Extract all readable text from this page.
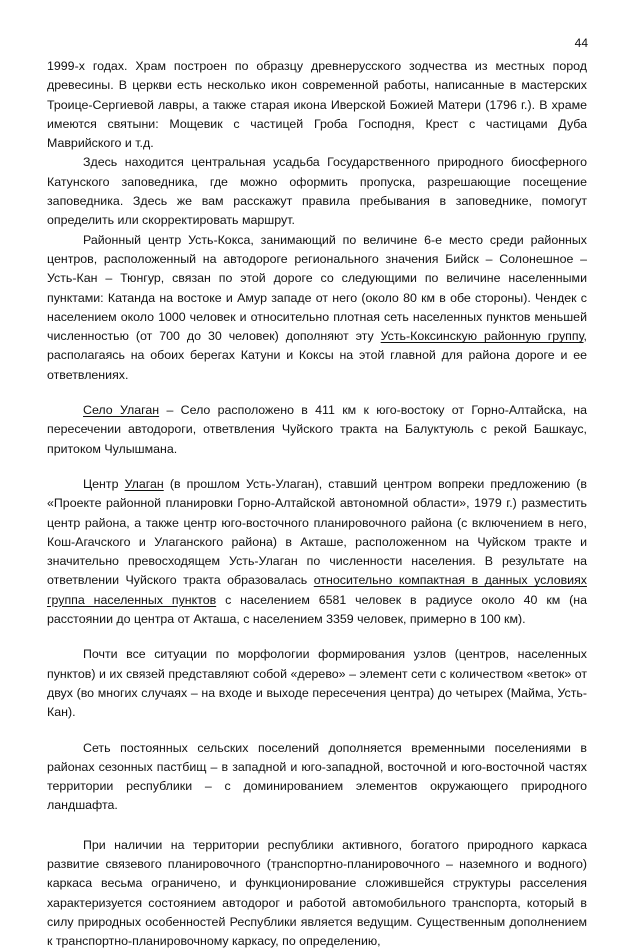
44

1999-х годах. Храм построен по образцу древнерусского зодчества из местных пород древесины. В церкви есть несколько икон современной работы, написанные в мастерских Троице-Сергиевой лавры, а также старая икона Иверской Божией Матери (1796 г.). В храме имеются святыни: Мощевик с частицей Гроба Господня, Крест с частицами Дуба Маврийского и т.д.

Здесь находится центральная усадьба Государственного природного биосферного Катунского заповедника, где можно оформить пропуска, разрешающие посещение заповедника. Здесь же вам расскажут правила пребывания в заповеднике, помогут определить или скорректировать маршрут.

Районный центр Усть-Кокса, занимающий по величине 6-е место среди районных центров, расположенный на автодороге регионального значения Бийск – Солонешное – Усть-Кан – Тюнгур, связан по этой дороге со следующими по величине населенными пунктами: Катанда на востоке и Амур западе от него (около 80 км в обе стороны). Чендек с населением около 1000 человек и относительно плотная сеть населенных пунктов меньшей численностью (от 700 до 30 человек) дополняют эту Усть-Коксинскую районную группу, располагаясь на обоих берегах Катуни и Коксы на этой главной для района дороге и ее ответвлениях.

Село Улаган – Село расположено в 411 км к юго-востоку от Горно-Алтайска, на пересечении автодороги, ответвления Чуйского тракта на Балуктуюль с рекой Башкаус, притоком Чулышмана.

Центр Улаган (в прошлом Усть-Улаган), ставший центром вопреки предложению (в «Проекте районной планировки Горно-Алтайской автономной области», 1979 г.) разместить центр района, а также центр юго-восточного планировочного района (с включением в него, Кош-Агачского и Улаганского района) в Акташе, расположенном на Чуйском тракте и значительно превосходящем Усть-Улаган по численности населения. В результате на ответвлении Чуйского тракта образовалась относительно компактная в данных условиях группа населенных пунктов с населением 6581 человек в радиусе около 40 км (на расстоянии до центра от Акташа, с населением 3359 человек, примерно в 100 км).

Почти все ситуации по морфологии формирования узлов (центров, населенных пунктов) и их связей представляют собой «дерево» – элемент сети с количеством «веток» от двух (во многих случаях – на входе и выходе пересечения центра) до четырех (Майма, Усть-Кан).

Сеть постоянных сельских поселений дополняется временными поселениями в районах сезонных пастбищ – в западной и юго-западной, восточной и юго-восточной частях территории республики – с доминированием элементов окружающего природного ландшафта.

При наличии на территории республики активного, богатого природного каркаса развитие связевого планировочного (транспортно-планировочного – наземного и водного) каркаса весьма ограничено, и функционирование сложившейся структуры расселения характеризуется состоянием автодорог и работой автомобильного транспорта, который в силу природных особенностей Республики является ведущим. Существенным дополнением к транспортно-планировочному каркасу, по определению,
